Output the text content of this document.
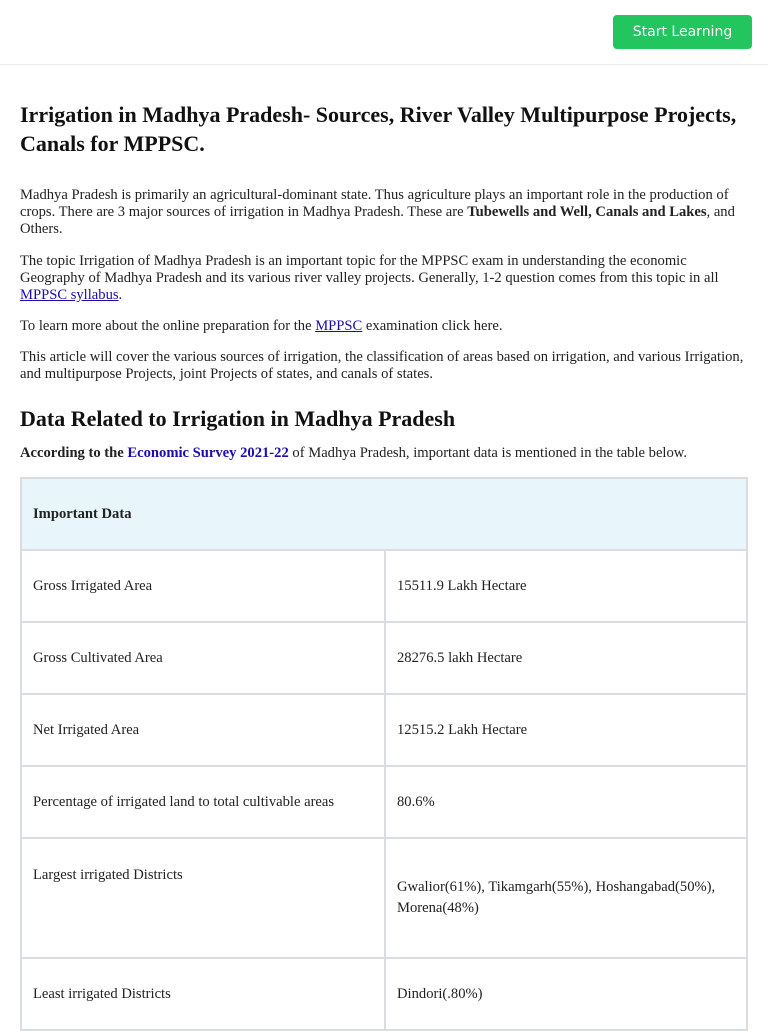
Start Learning
Irrigation in Madhya Pradesh- Sources, River Valley Multipurpose Projects, Canals for MPPSC.

Madhya Pradesh is primarily an agricultural-dominant state. Thus agriculture plays an important role in the production of crops. There are 3 major sources of irrigation in Madhya Pradesh. These are Tubewells and Well, Canals and Lakes, and Others.

The topic Irrigation of Madhya Pradesh is an important topic for the MPPSC exam in understanding the economic Geography of Madhya Pradesh and its various river valley projects. Generally, 1-2 question comes from this topic in all MPPSC syllabus.

To learn more about the online preparation for the MPPSC examination click here.

This article will cover the various sources of irrigation, the classification of areas based on irrigation, and various Irrigation, and multipurpose Projects, joint Projects of states, and canals of states.

Data Related to Irrigation in Madhya Pradesh

According to the Economic Survey 2021-22 of Madhya Pradesh, important data is mentioned in the table below.

Important Data	
Gross Irrigated Area	15511.9 Lakh Hectare
Gross Cultivated Area	28276.5 lakh Hectare
Net Irrigated Area	12515.2 Lakh Hectare
Percentage of irrigated land to total cultivable areas	80.6%
Largest irrigated Districts	Gwalior(61%), Tikamgarh(55%), Hoshangabad(50%), Morena(48%)
Least irrigated Districts	Dindori(.80%)
